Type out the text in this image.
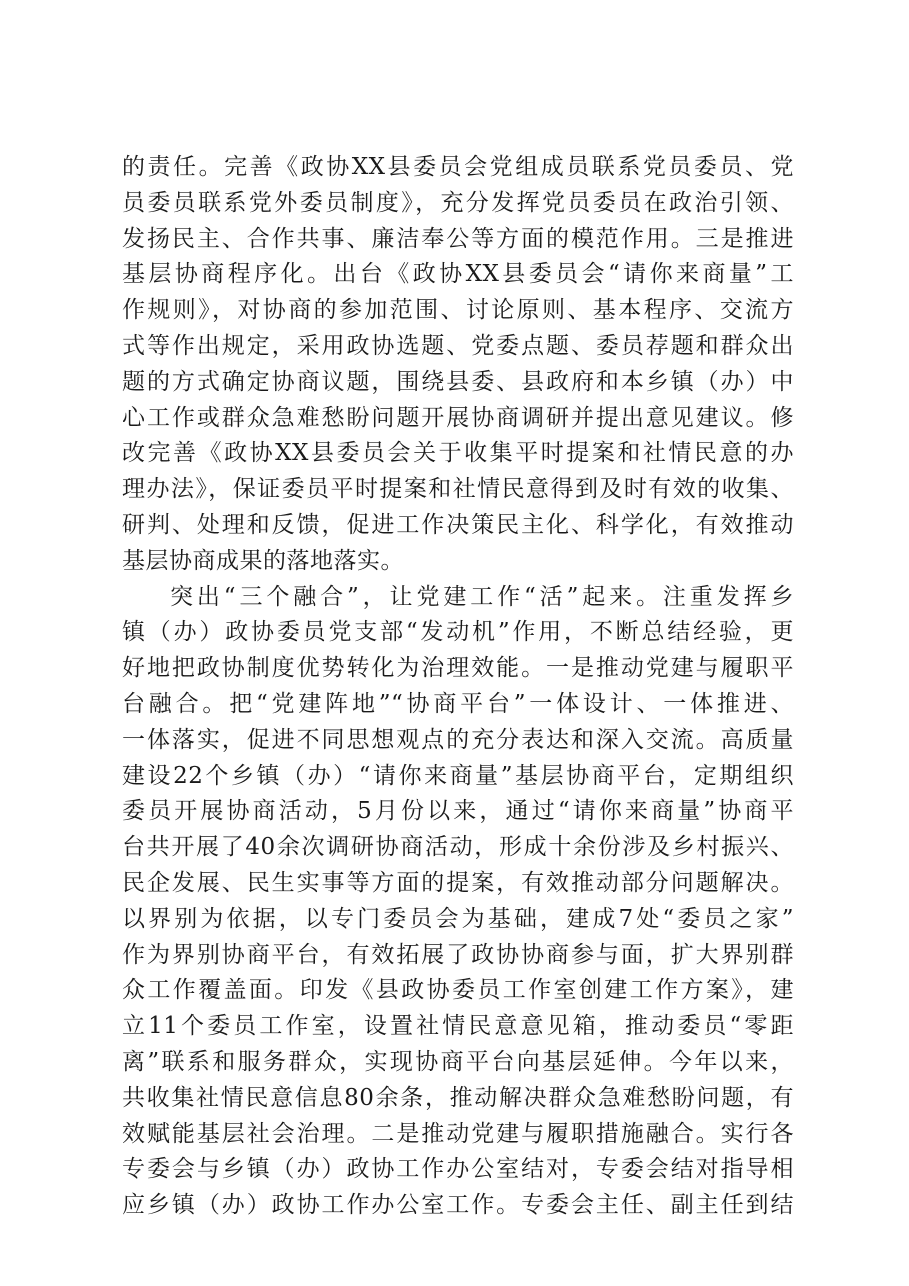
的责任。完善《政协XX县委员会党组成员联系党员委员、党
员委员联系党外委员制度》，充分发挥党员委员在政治引领、
发扬民主、合作共事、廉洁奉公等方面的模范作用。三是推进
基层协商程序化。出台《政协XX县委员会“请你来商量”工
作规则》，对协商的参加范围、讨论原则、基本程序、交流方
式等作出规定，采用政协选题、党委点题、委员荐题和群众出
题的方式确定协商议题，围绕县委、县政府和本乡镇（办）中
心工作或群众急难愁盼问题开展协商调研并提出意见建议。修
改完善《政协XX县委员会关于收集平时提案和社情民意的办
理办法》，保证委员平时提案和社情民意得到及时有效的收集、
研判、处理和反馈，促进工作决策民主化、科学化，有效推动
基层协商成果的落地落实。
突出“三个融合”，让党建工作“活”起来。注重发挥乡
镇（办）政协委员党支部“发动机”作用，不断总结经验，更
好地把政协制度优势转化为治理效能。一是推动党建与履职平
台融合。把“党建阵地”“协商平台”一体设计、一体推进、
一体落实，促进不同思想观点的充分表达和深入交流。高质量
建设22个乡镇（办）“请你来商量”基层协商平台，定期组织
委员开展协商活动，5月份以来，通过“请你来商量”协商平
台共开展了40余次调研协商活动，形成十余份涉及乡村振兴、
民企发展、民生实事等方面的提案，有效推动部分问题解决。
以界别为依据，以专门委员会为基础，建成7处“委员之家”
作为界别协商平台，有效拓展了政协协商参与面，扩大界别群
众工作覆盖面。印发《县政协委员工作室创建工作方案》，建
立11个委员工作室，设置社情民意意见箱，推动委员“零距
离”联系和服务群众，实现协商平台向基层延伸。今年以来，
共收集社情民意信息80余条，推动解决群众急难愁盼问题，有
效赋能基层社会治理。二是推动党建与履职措施融合。实行各
专委会与乡镇（办）政协工作办公室结对，专委会结对指导相
应乡镇（办）政协工作办公室工作。专委会主任、副主任到结
